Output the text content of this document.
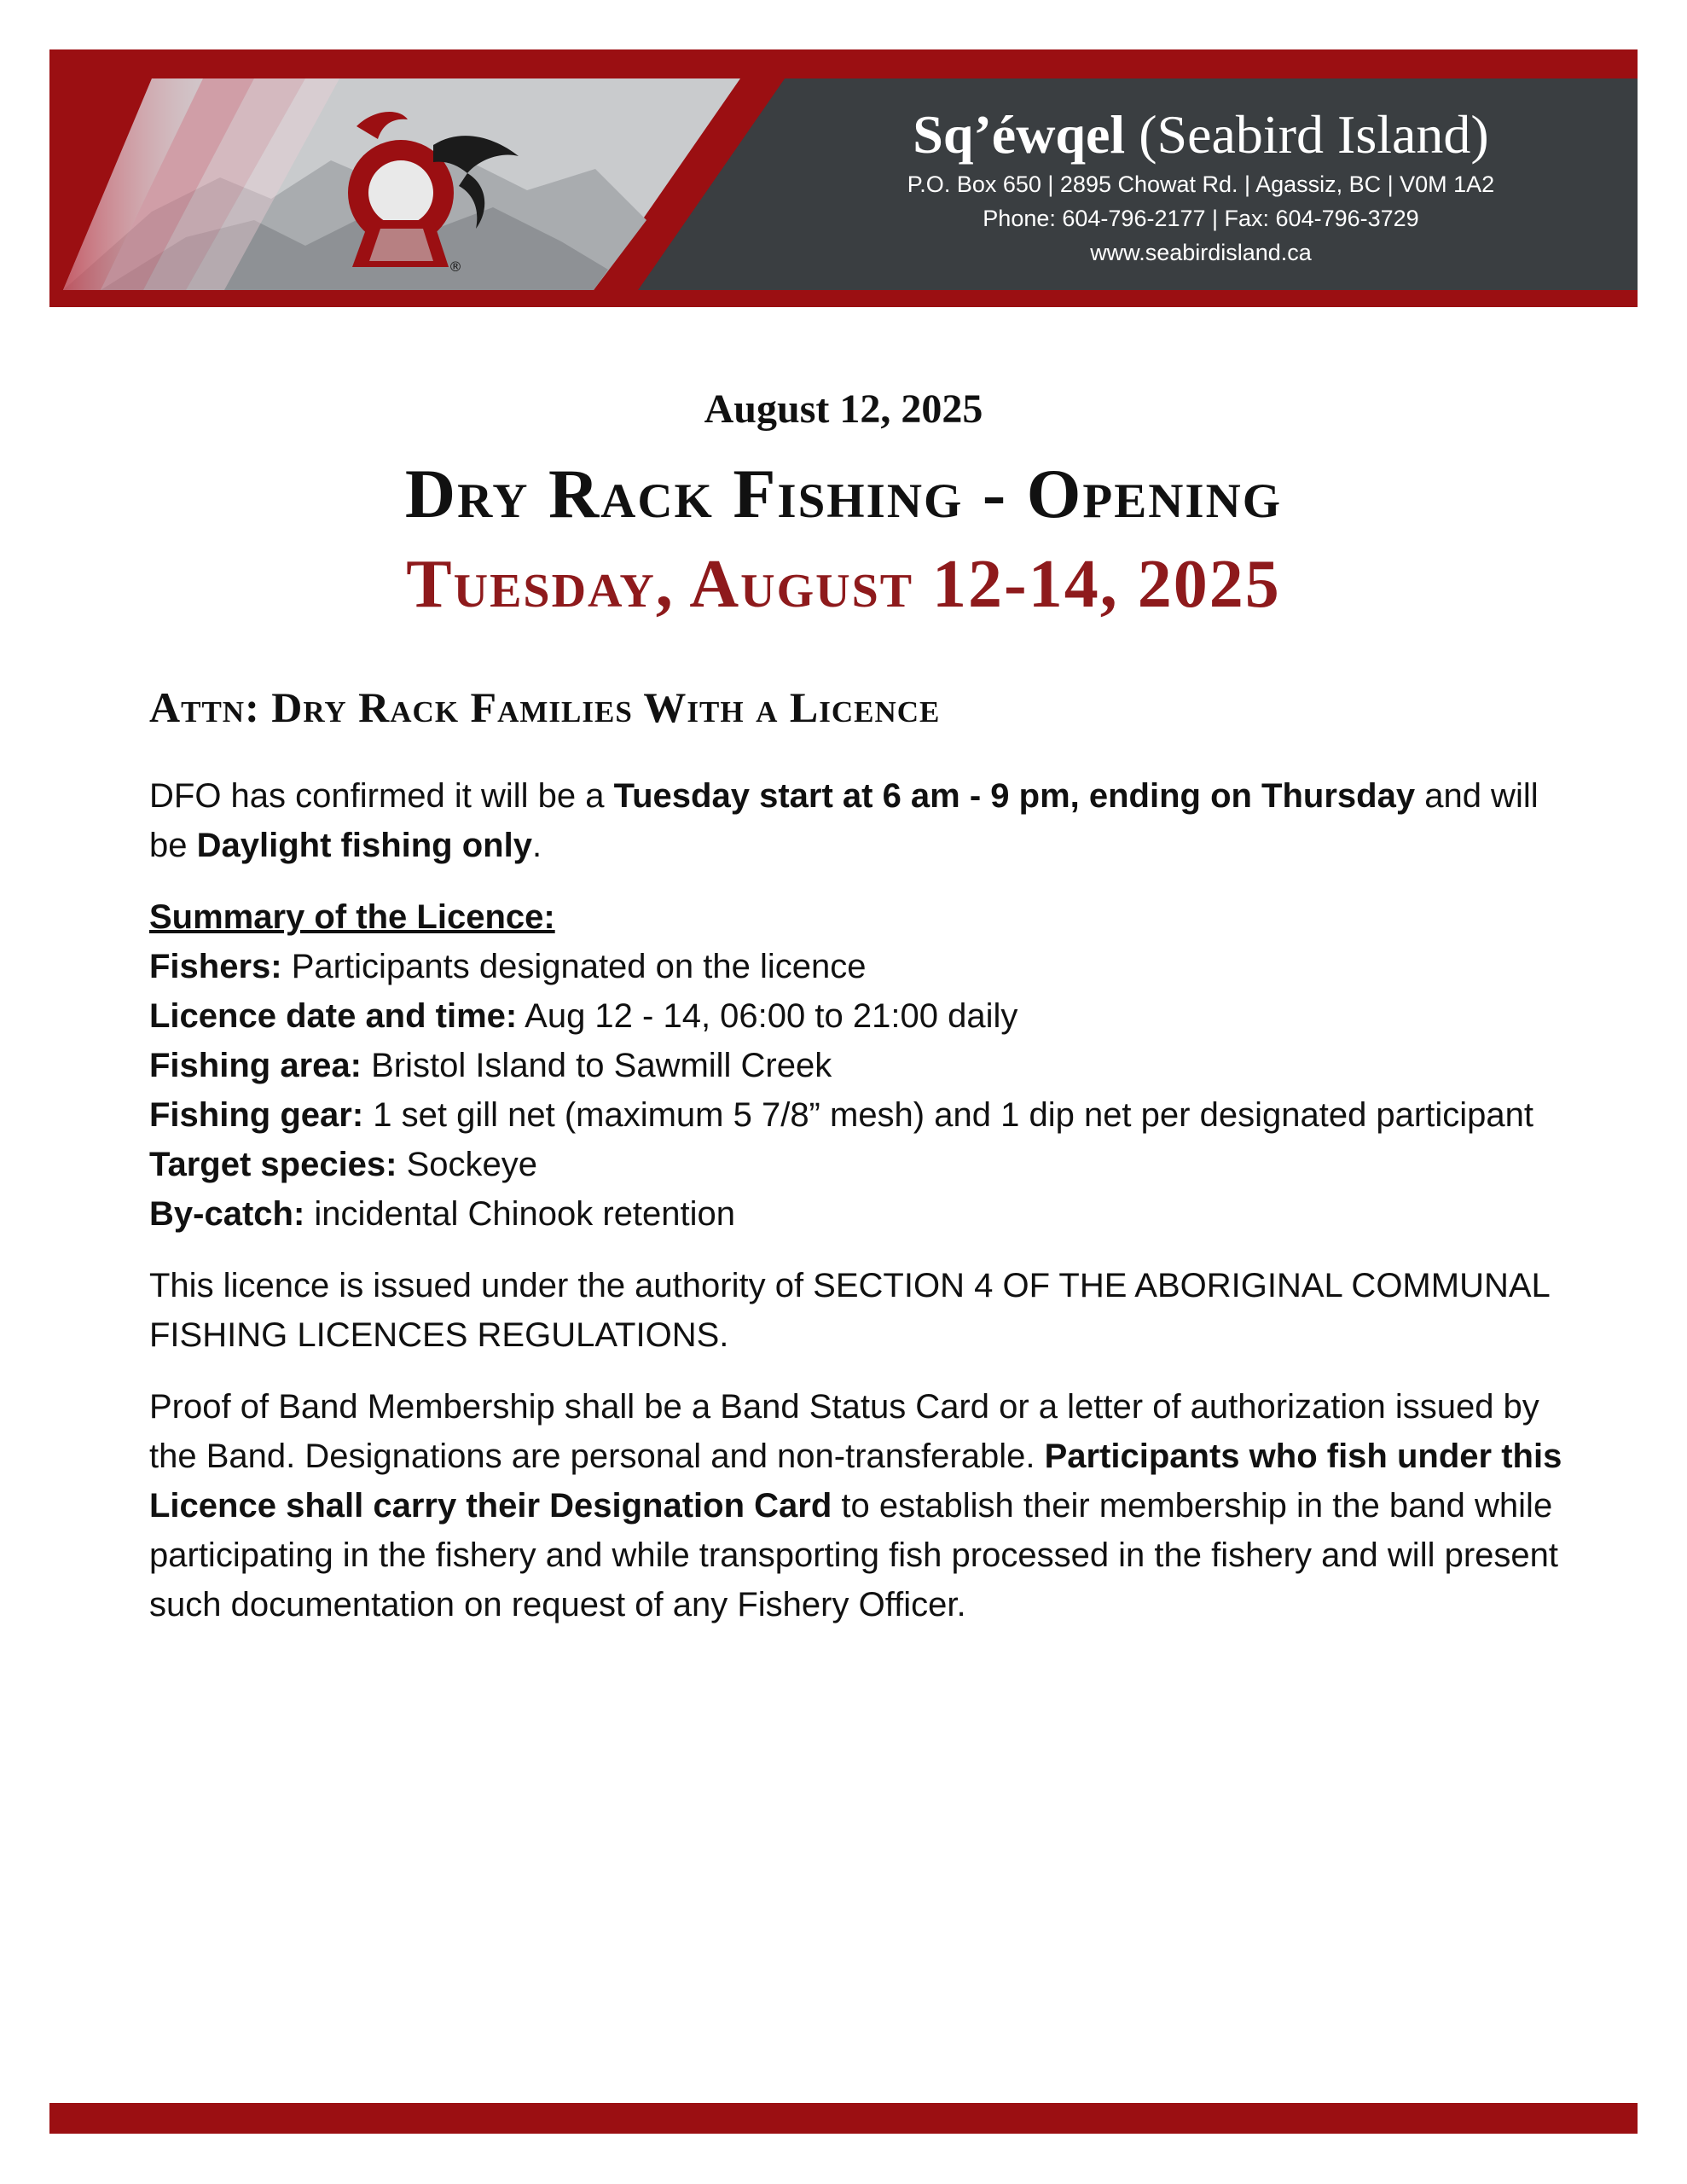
®
Sq’éwqel (Seabird Island)
P.O. Box 650 | 2895 Chowat Rd. | Agassiz, BC | V0M 1A2
Phone: 604-796-2177 | Fax: 604-796-3729
www.seabirdisland.ca
August 12, 2025
Dry Rack Fishing - Opening
Tuesday, August 12-14, 2025
Attn: Dry Rack Families With a Licence

DFO has confirmed it will be a Tuesday start at 6 am - 9 pm, ending on Thursday and will be Daylight fishing only.

Summary of the Licence:
Fishers: Participants designated on the licence
Licence date and time: Aug 12 - 14, 06:00 to 21:00 daily
Fishing area: Bristol Island to Sawmill Creek
Fishing gear: 1 set gill net (maximum 5 7/8” mesh) and 1 dip net per designated participant
Target species: Sockeye
By-catch: incidental Chinook retention

This licence is issued under the authority of SECTION 4 OF THE ABORIGINAL COMMUNAL FISHING LICENCES REGULATIONS.

Proof of Band Membership shall be a Band Status Card or a letter of authorization issued by the Band. Designations are personal and non-transferable. Participants who fish under this Licence shall carry their Designation Card to establish their membership in the band while participating in the fishery and while transporting fish processed in the fishery and will present such documentation on request of any Fishery Officer.
